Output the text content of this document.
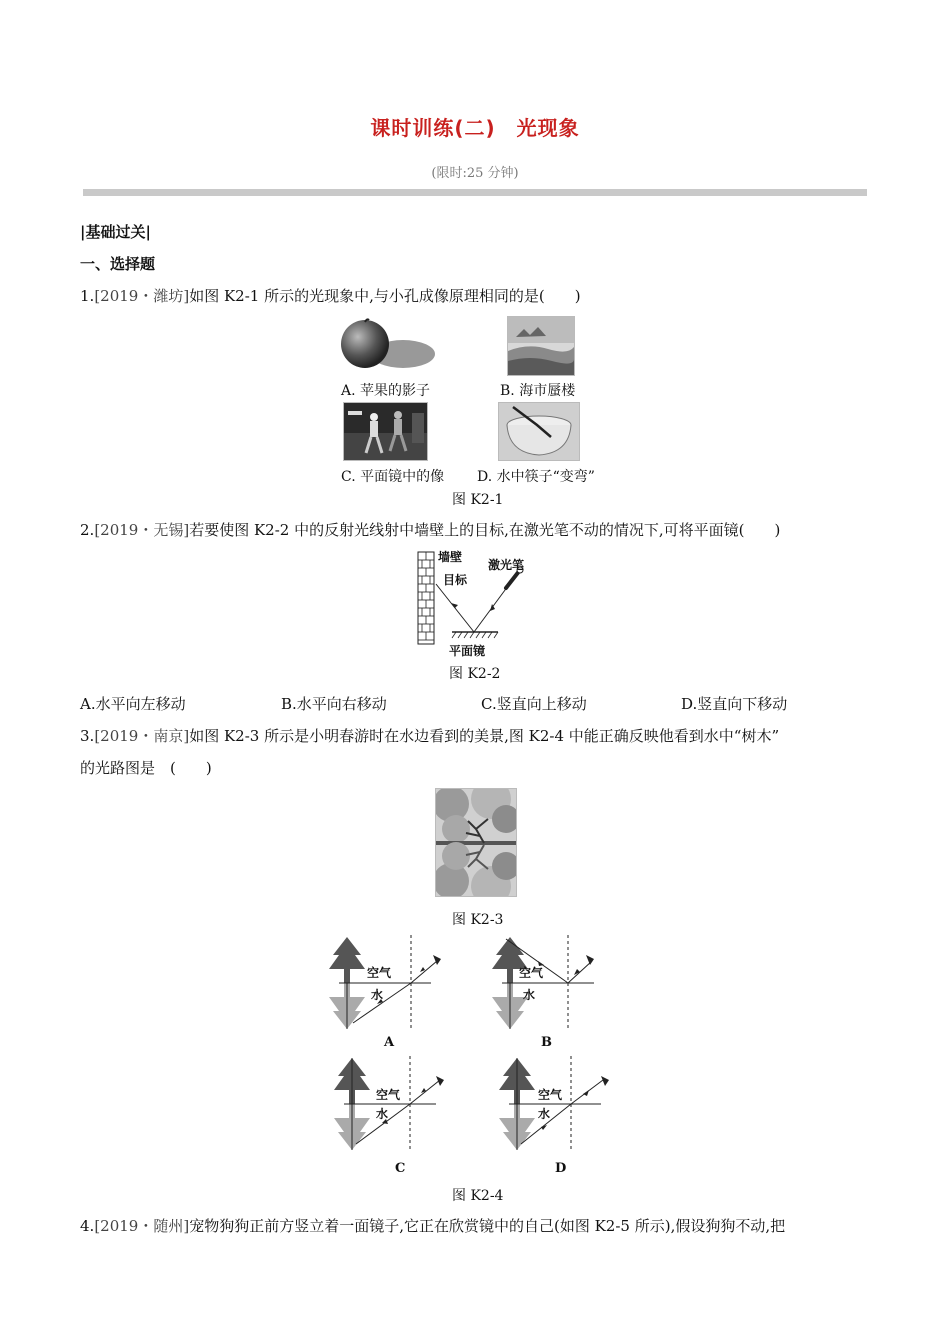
课时训练(二)　光现象
(限时:25 分钟)
|基础过关|
一、选择题
1.[2019・潍坊]如图 K2-1 所示的光现象中,与小孔成像原理相同的是(　　)
A. 苹果的影子	B. 海市蜃楼
C. 平面镜中的像 D. 水中筷子“变弯”
图 K2-1
2.[2019・无锡]若要使图 K2-2 中的反射光线射中墙壁上的目标,在激光笔不动的情况下,可将平面镜(　　)
墙壁
目标
激光笔
平面镜
图 K2-2
A.水平向左移动	B.水平向右移动	C.竖直向上移动	D.竖直向下移动
3.[2019・南京]如图 K2-3 所示是小明春游时在水边看到的美景,图 K2-4 中能正确反映他看到水中“树木”
的光路图是　(　　)
图 K2-3
空气
水
A
空气
水
B
空气
水
C
空气
水
D
图 K2-4
4.[2019・随州]宠物狗狗正前方竖立着一面镜子,它正在欣赏镜中的自己(如图 K2-5 所示),假设狗狗不动,把
